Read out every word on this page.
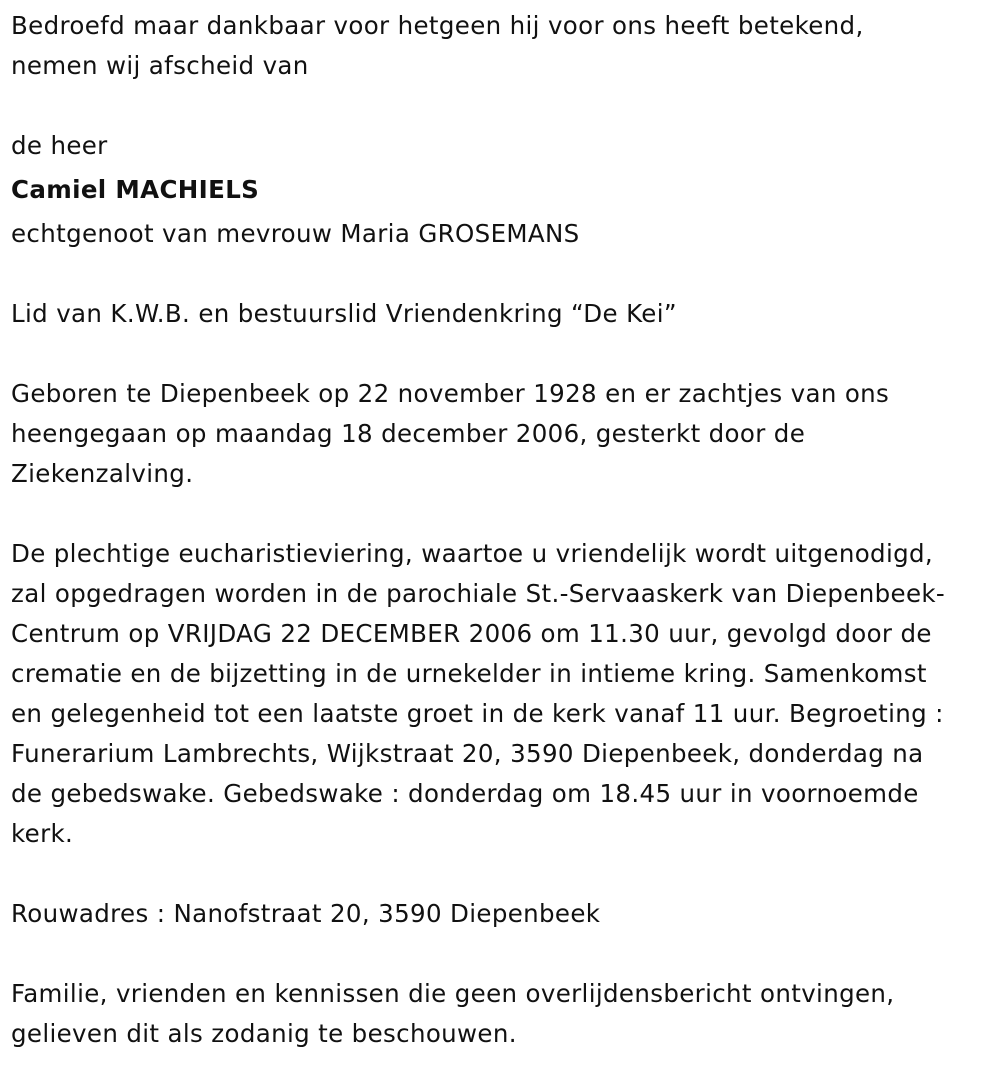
Bedroefd maar dankbaar voor hetgeen hij voor ons heeft betekend,

nemen wij afscheid van

de heer

Camiel MACHIELS

echtgenoot van mevrouw Maria GROSEMANS

Lid van K.W.B. en bestuurslid Vriendenkring “De Kei”

Geboren te Diepenbeek op 22 november 1928 en er zachtjes van ons

heengegaan op maandag 18 december 2006, gesterkt door de

Ziekenzalving.

De plechtige eucharistieviering, waartoe u vriendelijk wordt uitgenodigd,

zal opgedragen worden in de parochiale St.-Servaaskerk van Diepenbeek-

Centrum op VRIJDAG 22 DECEMBER 2006 om 11.30 uur, gevolgd door de

crematie en de bijzetting in de urnekelder in intieme kring. Samenkomst

en gelegenheid tot een laatste groet in de kerk vanaf 11 uur. Begroeting :

Funerarium Lambrechts, Wijkstraat 20, 3590 Diepenbeek, donderdag na

de gebedswake. Gebedswake : donderdag om 18.45 uur in voornoemde

kerk.

Rouwadres : Nanofstraat 20, 3590 Diepenbeek

Familie, vrienden en kennissen die geen overlijdensbericht ontvingen,

gelieven dit als zodanig te beschouwen.
